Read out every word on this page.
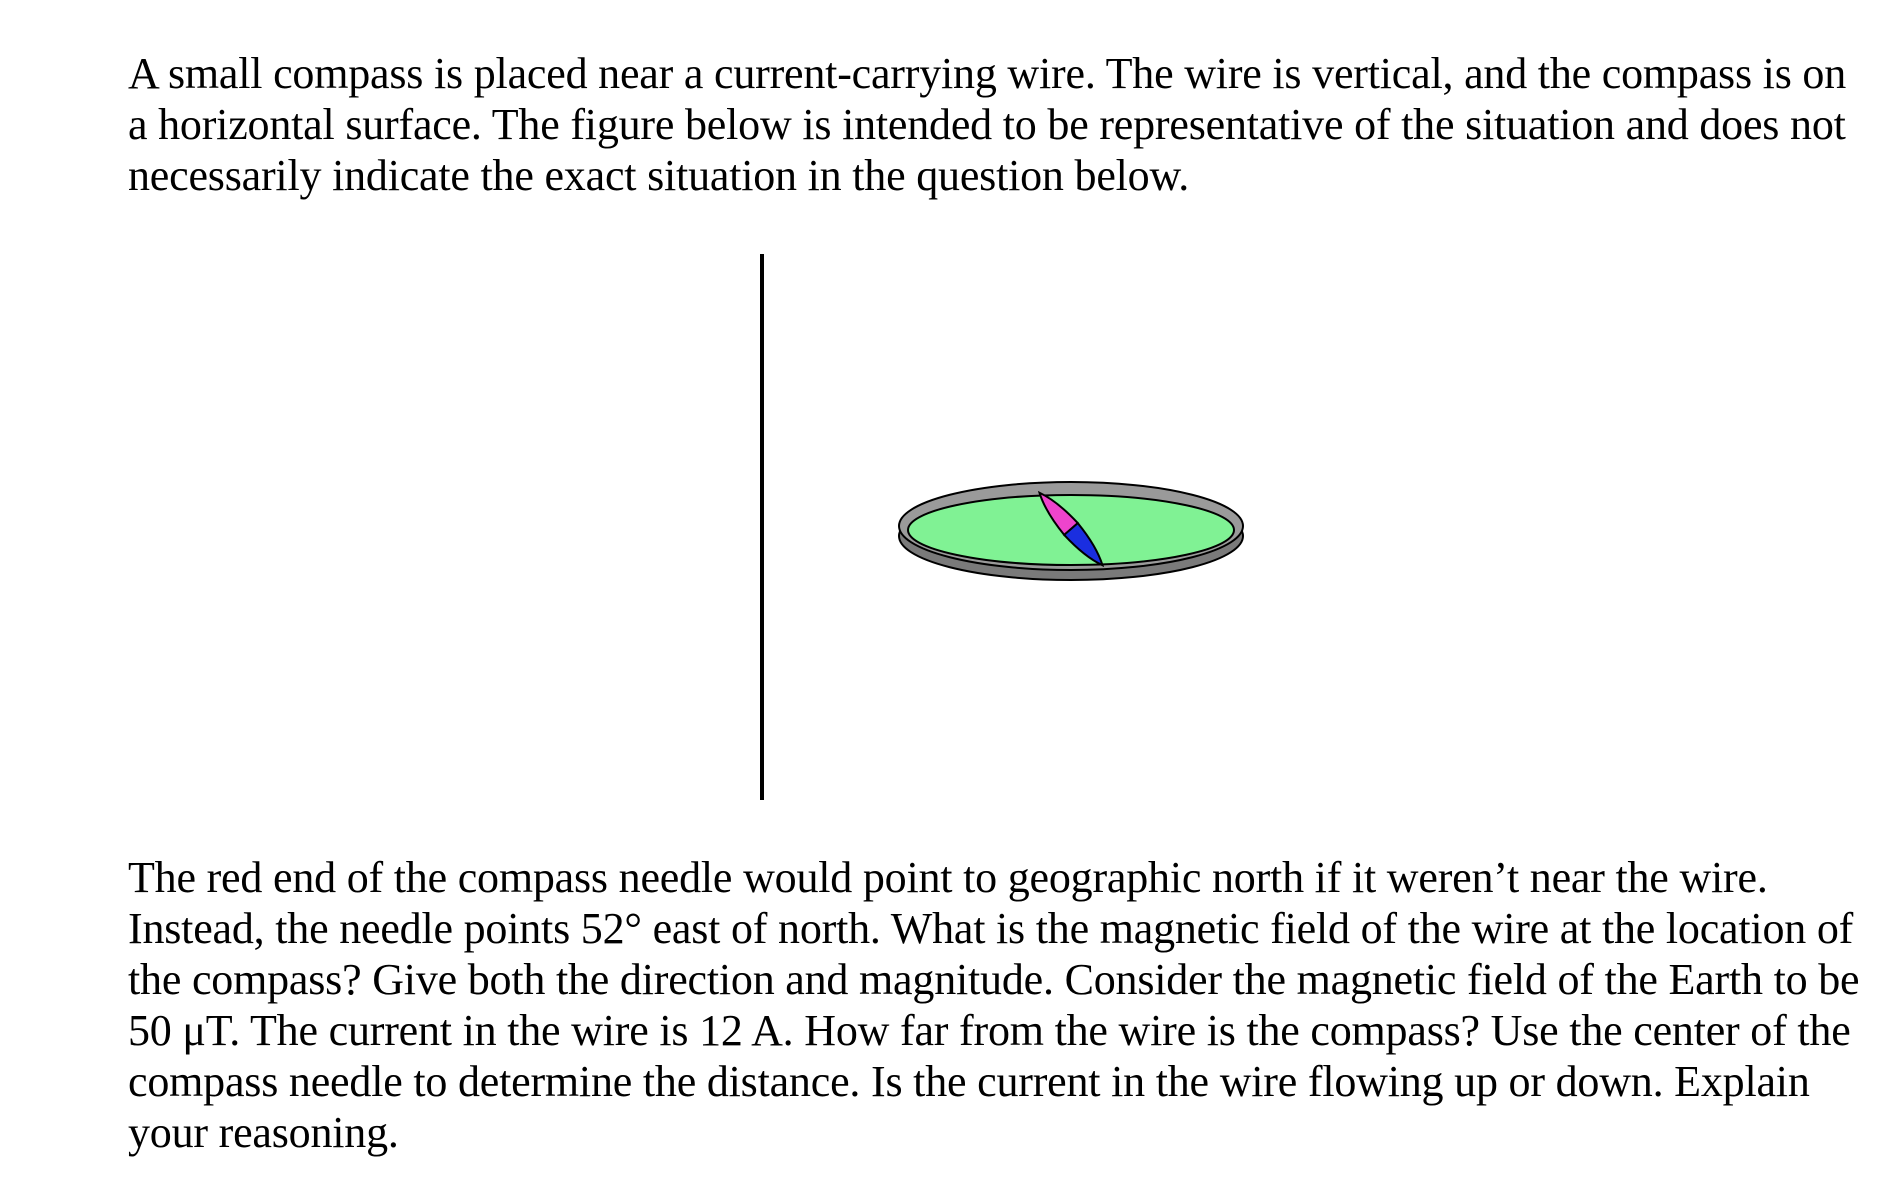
A small compass is placed near a current-carrying wire. The wire is vertical, and the compass is on a horizontal surface. The figure below is intended to be representative of the situation and does not necessarily indicate the exact situation in the question below.

The red end of the compass needle would point to geographic north if it weren’t near the wire. Instead, the needle points 52° east of north. What is the magnetic field of the wire at the location of the compass? Give both the direction and magnitude. Consider the magnetic field of the Earth to be 50 μT. The current in the wire is 12 A. How far from the wire is the compass? Use the center of the compass needle to determine the distance. Is the current in the wire flowing up or down. Explain your reasoning.
